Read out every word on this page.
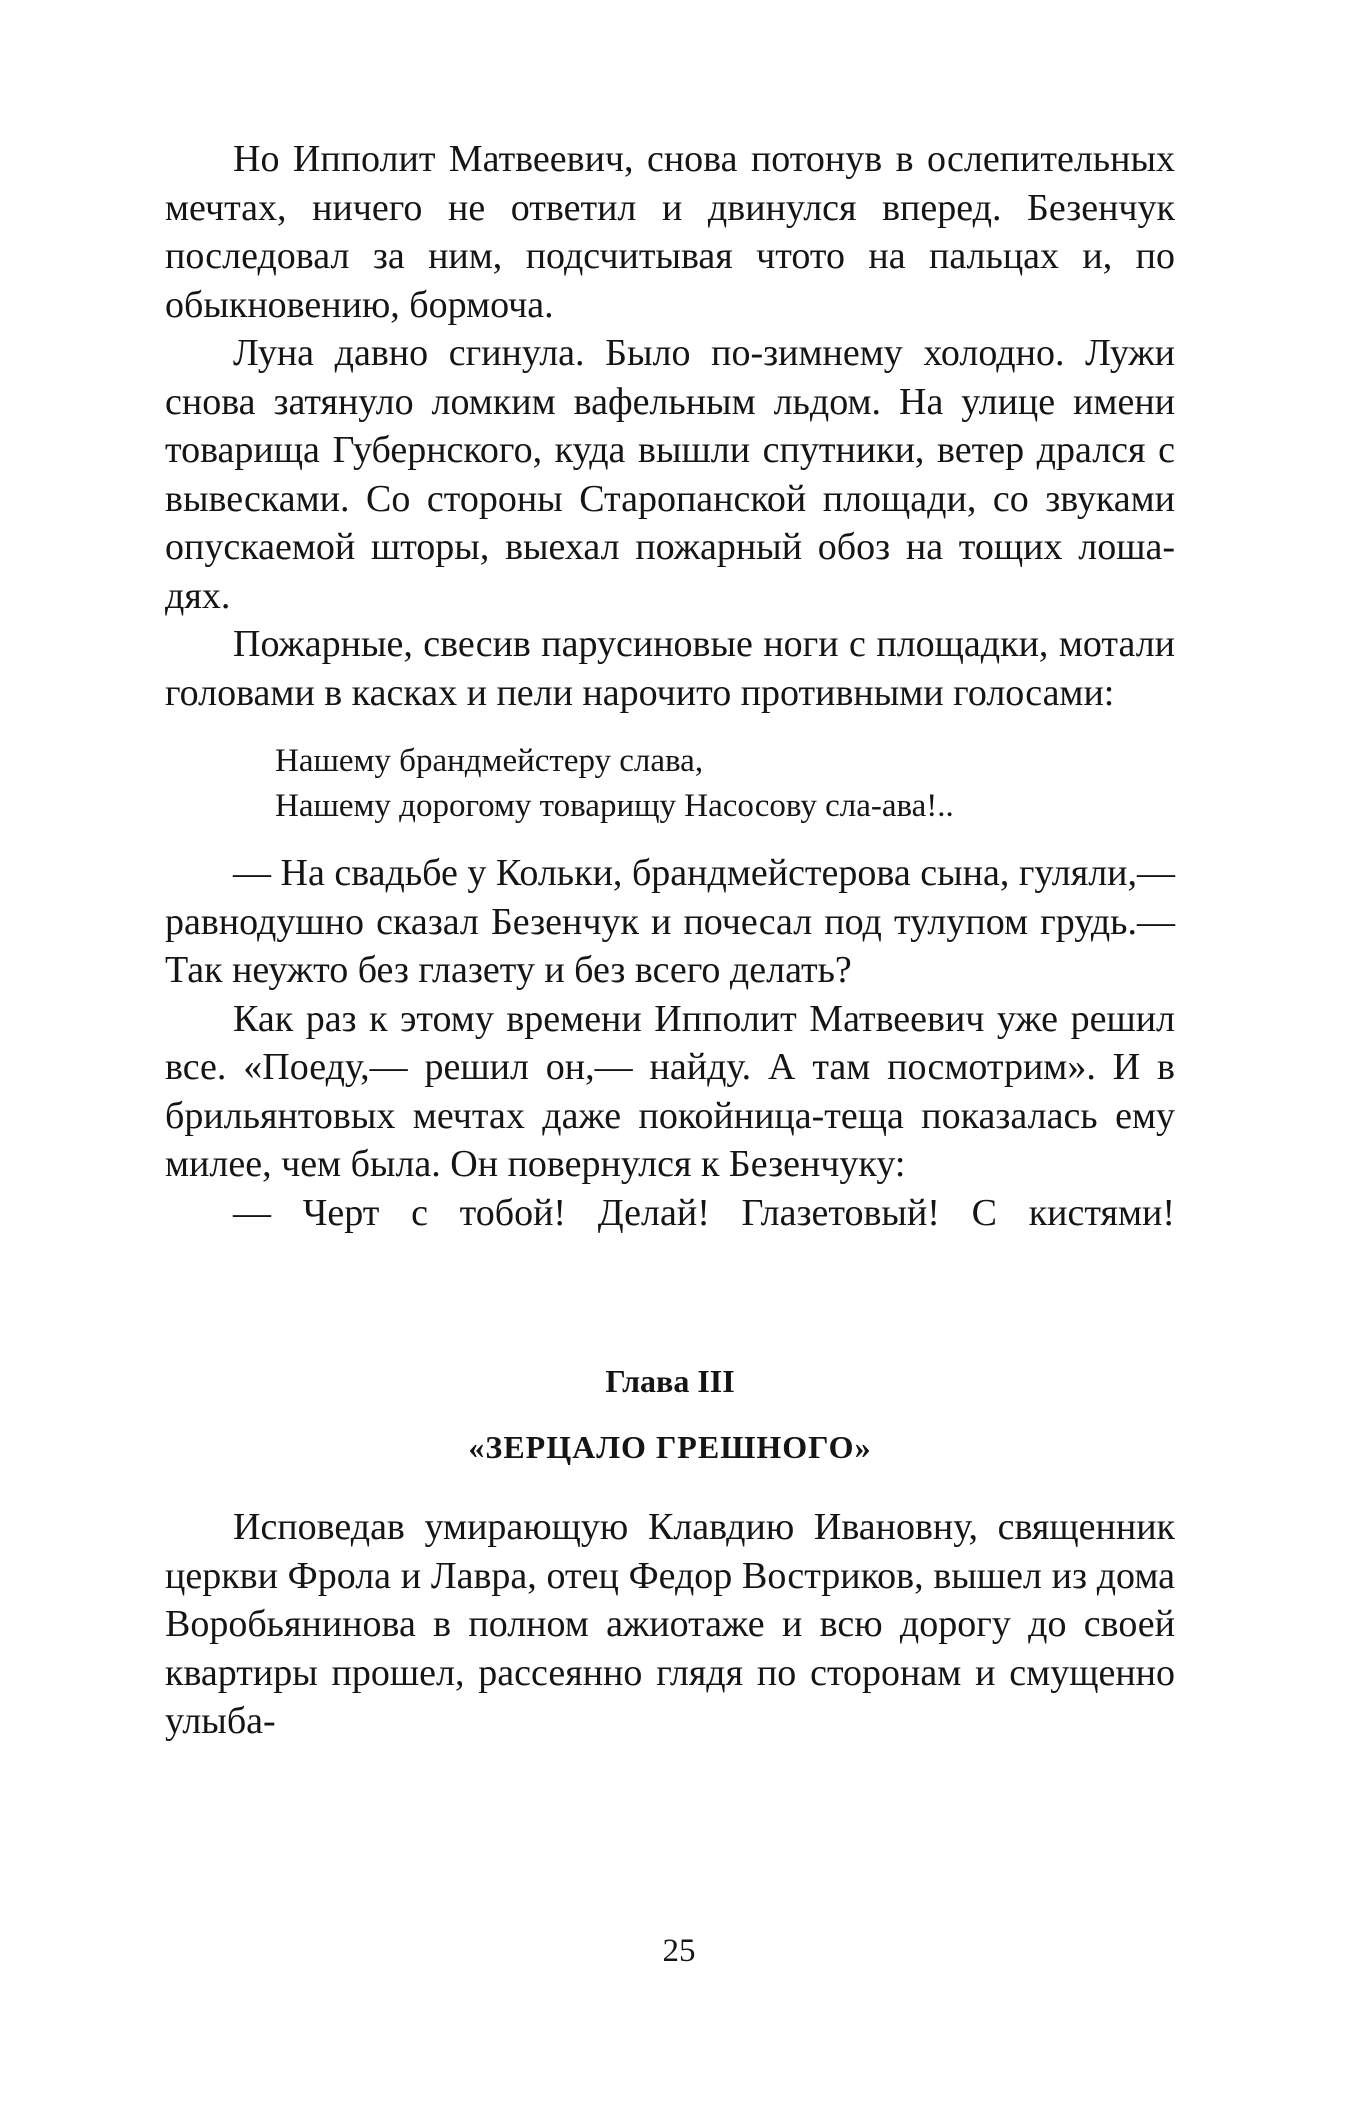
Но Ипполит Матвеевич, снова потонув в ослепительных мечтах, ничего не ответил и двинулся вперед. Безенчук последовал за ним, подсчитывая чтото на пальцах и, по обыкновению, бормоча.

Луна давно сгинула. Было по-зимнему холодно. Лужи снова затянуло ломким вафельным льдом. На улице имени товарища Губернского, куда вышли спутники, ветер дрался с вывесками. Со стороны Старопанской площади, со звуками опускаемой шторы, выехал пожарный обоз на тощих лошадях.

Пожарные, свесив парусиновые ноги с площадки, мотали головами в касках и пели нарочито противными голосами:

Нашему брандмейстеру слава,
Нашему дорогому товарищу Насосову сла-ава!..

— На свадьбе у Кольки, брандмейстерова сына, гуляли,— равнодушно сказал Безенчук и почесал под тулупом грудь.— Так неужто без глазету и без всего делать?

Как раз к этому времени Ипполит Матвеевич уже решил все. «Поеду,— решил он,— найду. А там посмотрим». И в брильянтовых мечтах даже покойница-теща показалась ему милее, чем была. Он повернулся к Безенчуку:

— Черт с тобой! Делай! Глазетовый! С кистями!

Глава III
«ЗЕРЦАЛО ГРЕШНОГО»

Исповедав умирающую Клавдию Ивановну, священник церкви Фрола и Лавра, отец Федор Востриков, вышел из дома Воробьянинова в полном ажиотаже и всю дорогу до своей квартиры прошел, рассеянно глядя по сторонам и смущенно улыба-

25
